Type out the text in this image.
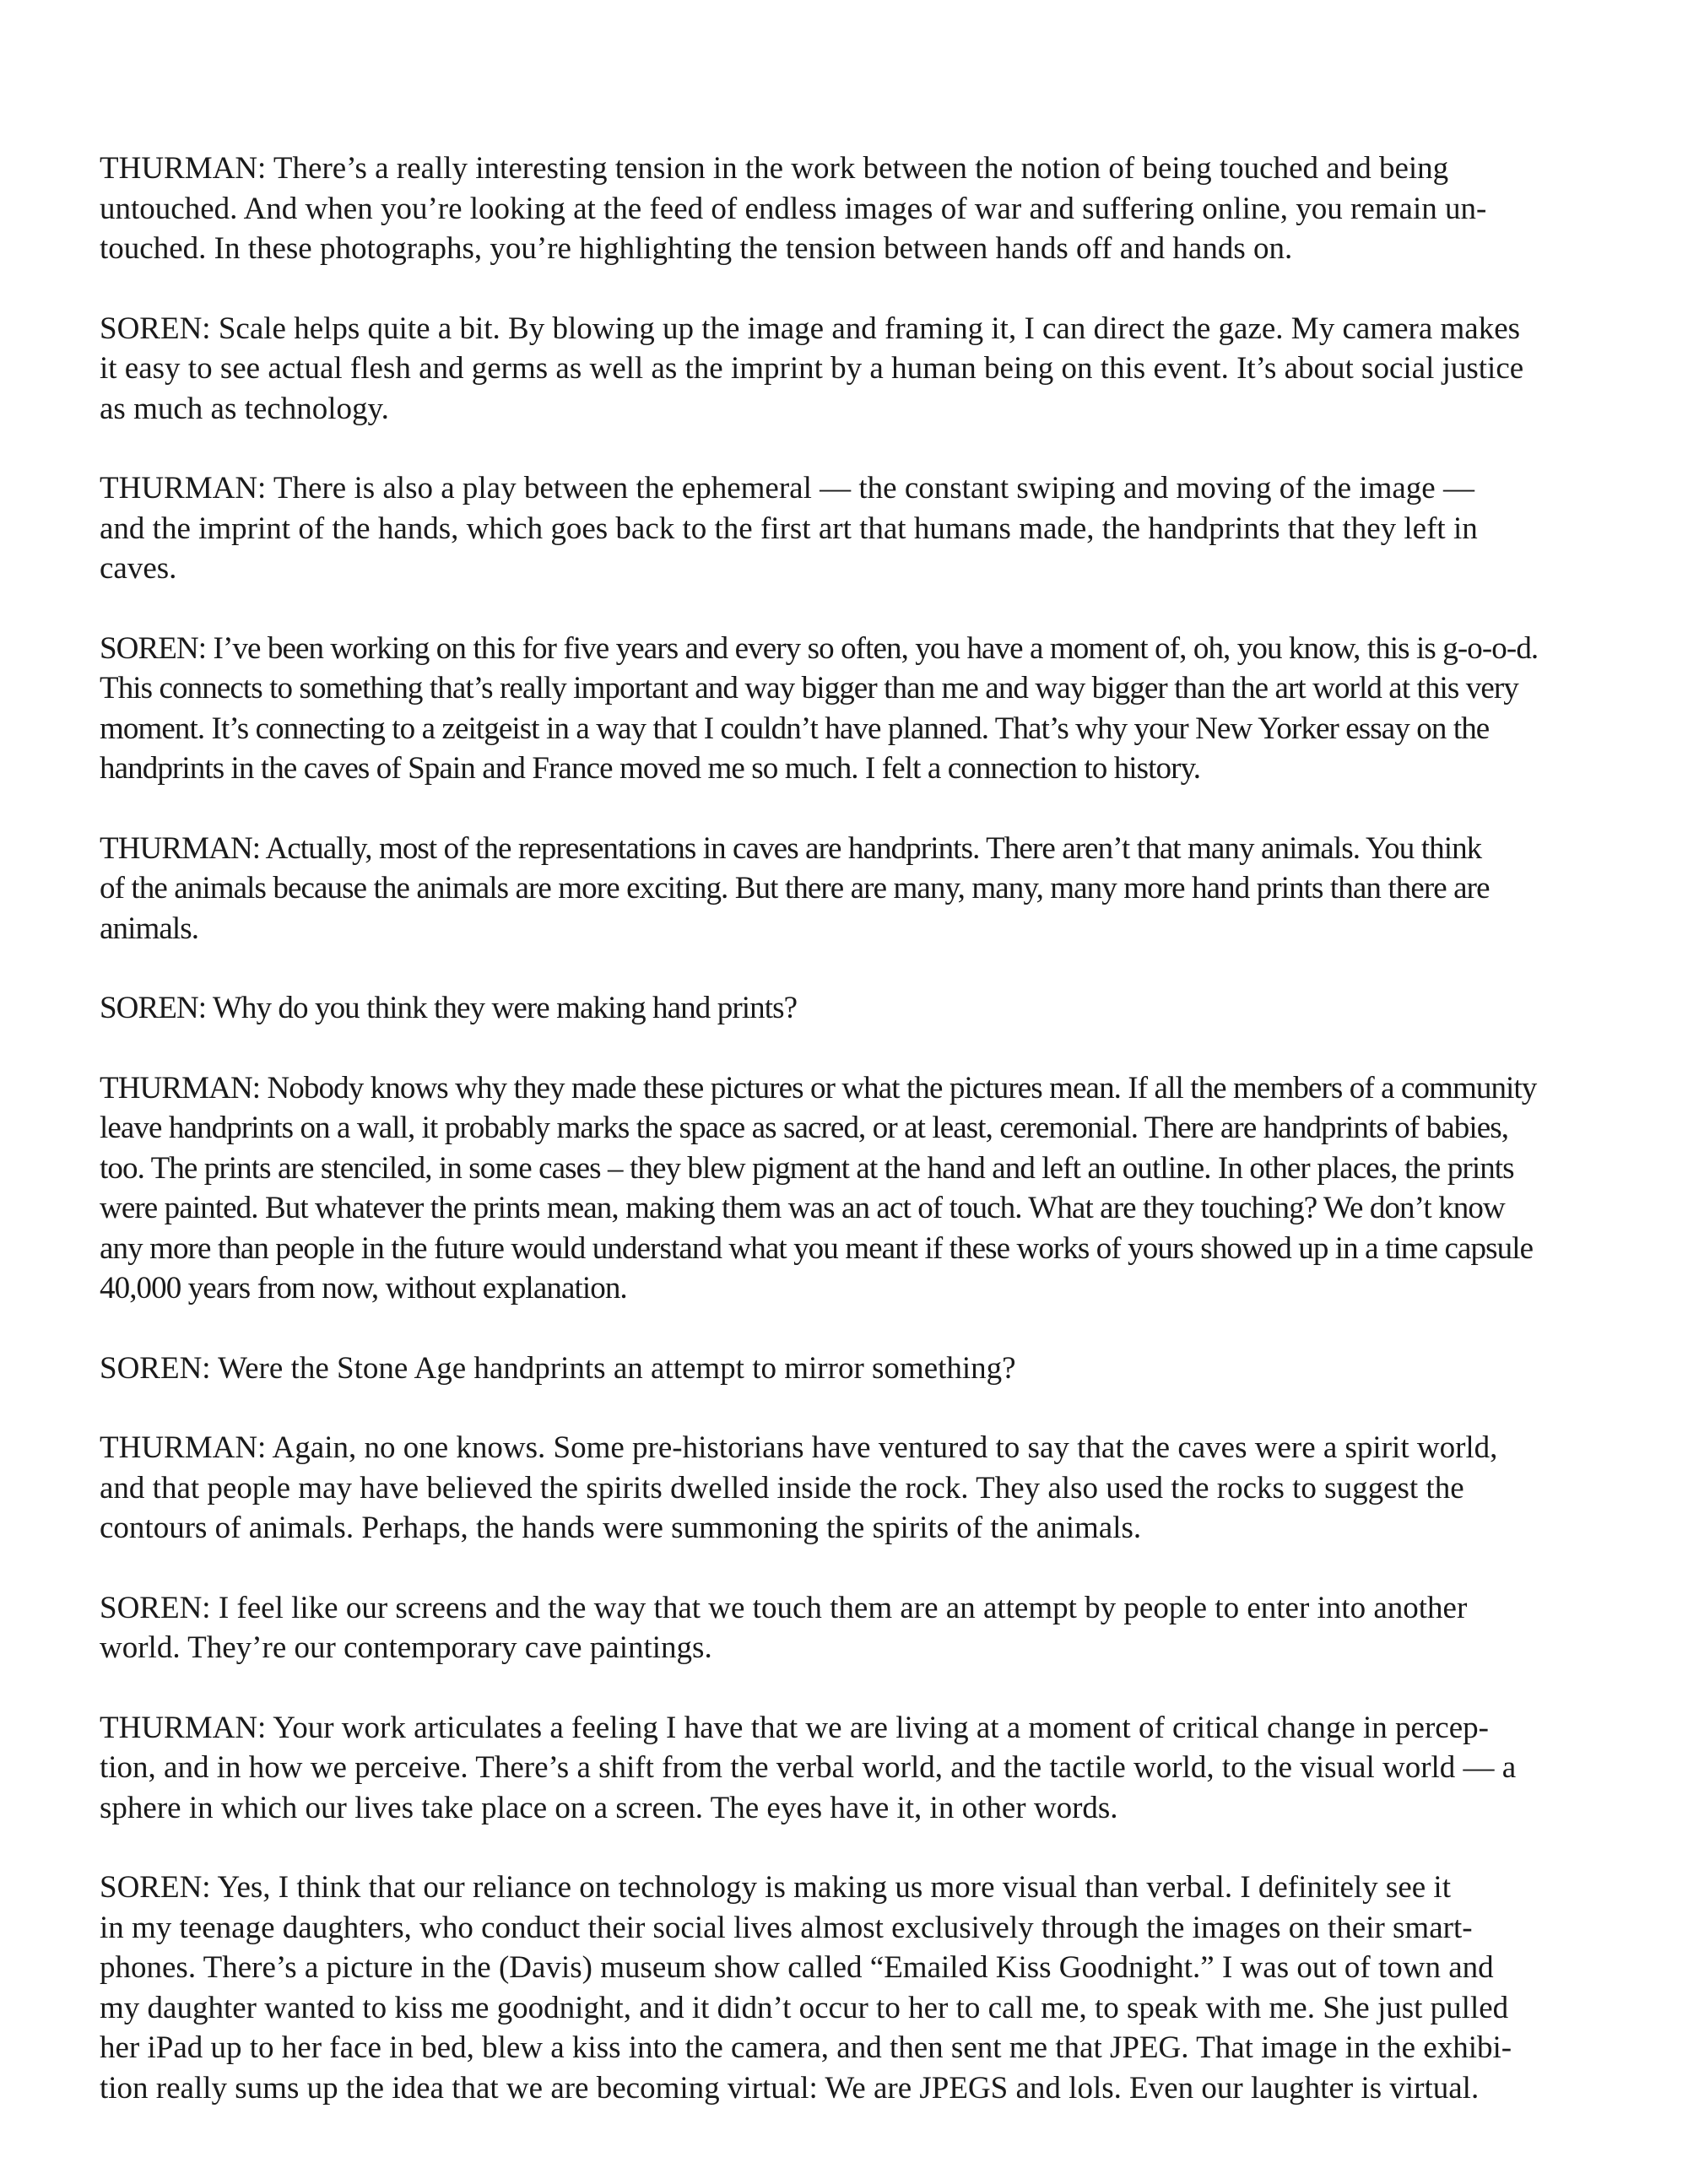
THURMAN: There’s a really interesting tension in the work between the notion of being touched and being
untouched. And when you’re looking at the feed of endless images of war and suffering online, you remain un-
touched. In these photographs, you’re highlighting the tension between hands off and hands on.

SOREN: Scale helps quite a bit. By blowing up the image and framing it, I can direct the gaze. My camera makes
it easy to see actual flesh and germs as well as the imprint by a human being on this event. It’s about social justice
as much as technology.

THURMAN: There is also a play between the ephemeral — the constant swiping and moving of the image —
and the imprint of the hands, which goes back to the first art that humans made, the handprints that they left in
caves.

SOREN: I’ve been working on this for five years and every so often, you have a moment of, oh, you know, this is g-o-o-d.
This connects to something that’s really important and way bigger than me and way bigger than the art world at this very
moment. It’s connecting to a zeitgeist in a way that I couldn’t have planned. That’s why your New Yorker essay on the
handprints in the caves of Spain and France moved me so much. I felt a connection to history.

THURMAN: Actually, most of the representations in caves are handprints. There aren’t that many animals. You think
of the animals because the animals are more exciting. But there are many, many, many more hand prints than there are
animals.

SOREN: Why do you think they were making hand prints?

THURMAN: Nobody knows why they made these pictures or what the pictures mean. If all the members of a community
leave handprints on a wall, it probably marks the space as sacred, or at least, ceremonial. There are handprints of babies,
too. The prints are stenciled, in some cases – they blew pigment at the hand and left an outline. In other places, the prints
were painted. But whatever the prints mean, making them was an act of touch. What are they touching? We don’t know
any more than people in the future would understand what you meant if these works of yours showed up in a time capsule
40,000 years from now, without explanation.

SOREN: Were the Stone Age handprints an attempt to mirror something?

THURMAN: Again, no one knows. Some pre-historians have ventured to say that the caves were a spirit world,
and that people may have believed the spirits dwelled inside the rock. They also used the rocks to suggest the
contours of animals. Perhaps, the hands were summoning the spirits of the animals.

SOREN: I feel like our screens and the way that we touch them are an attempt by people to enter into another
world. They’re our contemporary cave paintings.

THURMAN: Your work articulates a feeling I have that we are living at a moment of critical change in percep-
tion, and in how we perceive. There’s a shift from the verbal world, and the tactile world, to the visual world — a
sphere in which our lives take place on a screen. The eyes have it, in other words.

SOREN: Yes, I think that our reliance on technology is making us more visual than verbal. I definitely see it
in my teenage daughters, who conduct their social lives almost exclusively through the images on their smart-
phones. There’s a picture in the (Davis) museum show called “Emailed Kiss Goodnight.” I was out of town and
my daughter wanted to kiss me goodnight, and it didn’t occur to her to call me, to speak with me. She just pulled
her iPad up to her face in bed, blew a kiss into the camera, and then sent me that JPEG. That image in the exhibi-
tion really sums up the idea that we are becoming virtual: We are JPEGS and lols. Even our laughter is virtual.
